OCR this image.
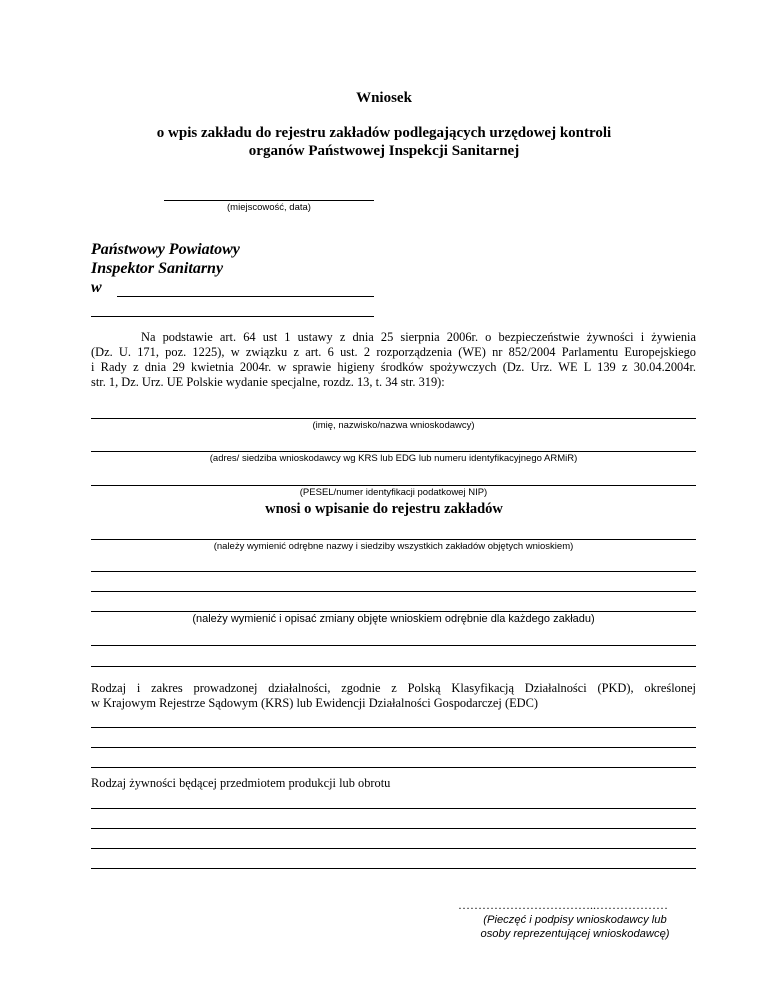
Wniosek
o wpis zakładu do rejestru zakładów podlegających urzędowej kontroli
organów Państwowej Inspekcji Sanitarnej
(miejscowość, data)
Państwowy Powiatowy
Inspektor Sanitarny
w
Na podstawie art. 64 ust 1 ustawy z dnia 25 sierpnia 2006r. o bezpieczeństwie żywności i żywienia
(Dz. U. 171, poz. 1225), w związku z art. 6 ust. 2 rozporządzenia (WE) nr 852/2004 Parlamentu Europejskiego
i Rady z dnia 29 kwietnia 2004r. w sprawie higieny środków spożywczych (Dz. Urz. WE L 139 z 30.04.2004r.
str. 1, Dz. Urz. UE Polskie wydanie specjalne, rozdz. 13, t. 34 str. 319):
(imię, nazwisko/nazwa wnioskodawcy)
(adres/ siedziba wnioskodawcy wg KRS lub EDG lub numeru identyfikacyjnego ARMiR)
(PESEL/numer identyfikacji podatkowej NIP)
wnosi o wpisanie do rejestru zakładów
(należy wymienić odrębne nazwy i siedziby wszystkich zakładów objętych wnioskiem)
(należy wymienić i opisać zmiany objęte wnioskiem odrębnie dla każdego zakładu)
Rodzaj i zakres prowadzonej działalności, zgodnie z Polską Klasyfikacją Działalności (PKD), określonej
w Krajowym Rejestrze Sądowym (KRS) lub Ewidencji Działalności Gospodarczej (EDC)
Rodzaj żywności będącej przedmiotem produkcji lub obrotu
……………………………..………………
(Pieczęć i podpisy wnioskodawcy lub
osoby reprezentującej wnioskodawcę)
